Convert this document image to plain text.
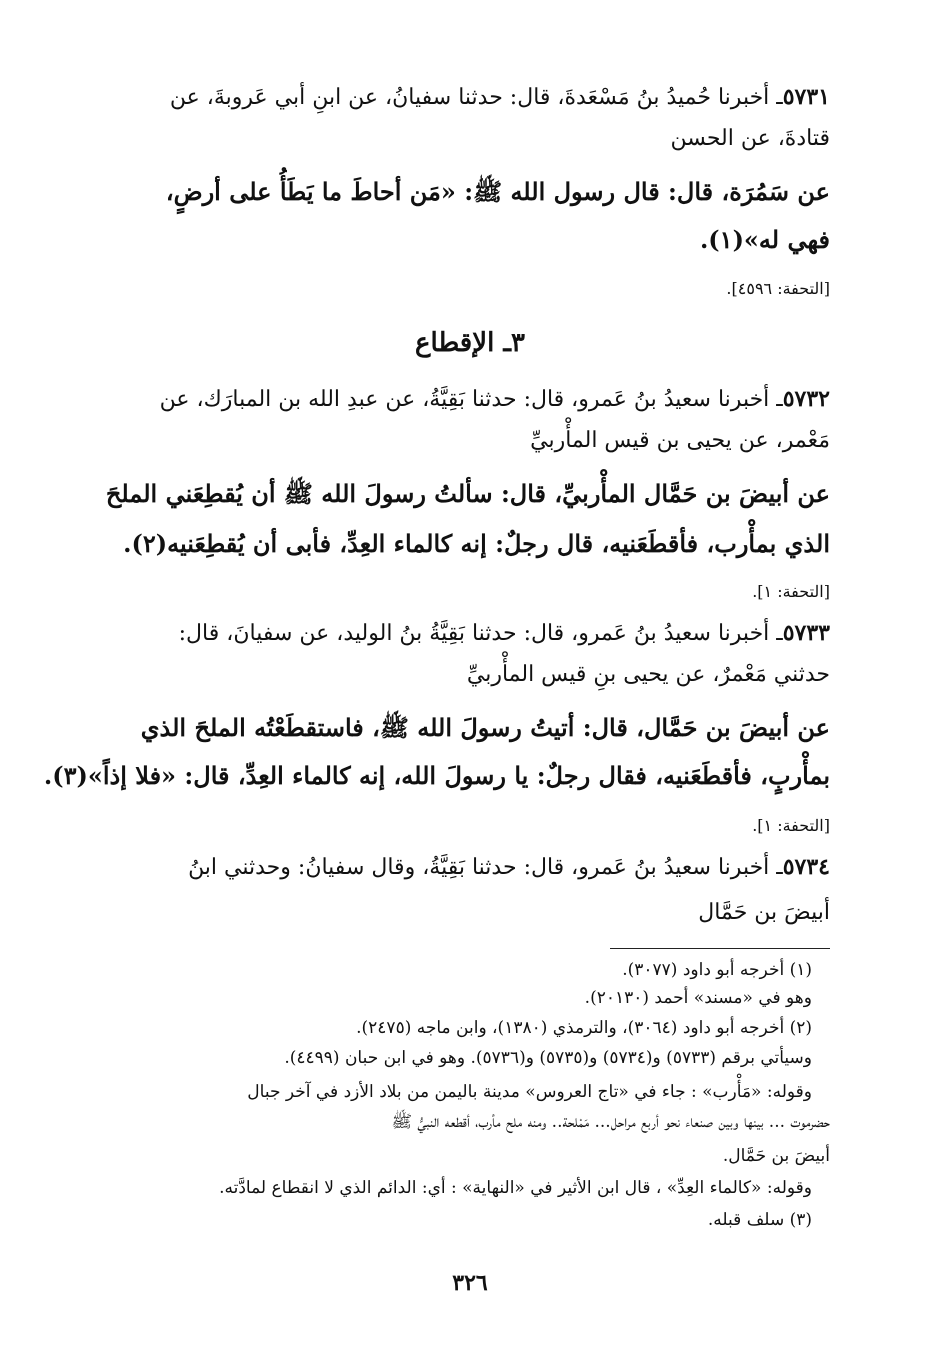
٥٧٣١ـ أخبرنا حُميدُ بنُ مَسْعَدةَ، قال: حدثنا سفيانُ، عن ابنِ أبي عَروبةَ، عن
قتادةَ، عن الحسن
عن سَمُرَة، قال: قال رسول الله ﷺ: «مَن أحاطَ ما يَطَأُ على أرضٍ،
فهي له»(١).
[التحفة: ٤٥٩٦].
٣ـ الإقطاع
٥٧٣٢ـ أخبرنا سعيدُ بنُ عَمرو، قال: حدثنا بَقِيَّةُ، عن عبدِ الله بن المبارَك، عن
مَعْمر، عن يحيى بن قيس المأْربيِّ
عن أبيضَ بن حَمَّال المأْربيِّ، قال: سألتُ رسولَ الله ﷺ أن يُقطِعَني الملحَ
الذي بمأْرب، فأقطَعَنيه، قال رجلٌ: إنه كالماء العِدِّ، فأبى أن يُقطِعَنيه(٢).
[التحفة: ١].
٥٧٣٣ـ أخبرنا سعيدُ بنُ عَمرو، قال: حدثنا بَقِيَّةُ بنُ الوليد، عن سفيانَ، قال:
حدثني مَعْمرٌ، عن يحيى بنِ قيس المأْربيِّ
عن أبيضَ بن حَمَّال، قال: أتيتُ رسولَ الله ﷺ، فاستقطَعْتُه الملحَ الذي
بمأْربٍ، فأقطَعَنيه، فقال رجلٌ: يا رسولَ الله، إنه كالماء العِدِّ، قال: «فلا إذاً»(٣).
[التحفة: ١].
٥٧٣٤ـ أخبرنا سعيدُ بنُ عَمرو، قال: حدثنا بَقِيَّةُ، وقال سفيانُ: وحدثني ابنُ
أبيضَ بن حَمَّال
(١) أخرجه أبو داود (٣٠٧٧).
وهو في «مسند» أحمد (٢٠١٣٠).
(٢) أخرجه أبو داود (٣٠٦٤)، والترمذي (١٣٨٠)، وابن ماجه (٢٤٧٥).
وسيأتي برقم (٥٧٣٣) و(٥٧٣٤) و(٥٧٣٥) و(٥٧٣٦). وهو في ابن حبان (٤٤٩٩).
وقوله: «مَأْرب» : جاء في «تاج العروس» مدينة باليمن من بلاد الأزد في آخر جبال
حضرموت ... بينها وبين صنعاء نحو أربع مراحل... مَمْلحة.. ومنه ملح مأرب، أقطعه النبيُّ ﷺ
أبيضَ بن حَمَّال.
وقوله: «كالماء العِدِّ» ، قال ابن الأثير في «النهاية» : أي: الدائم الذي لا انقطاع لمادَّته.
(٣) سلف قبله.
٣٢٦
